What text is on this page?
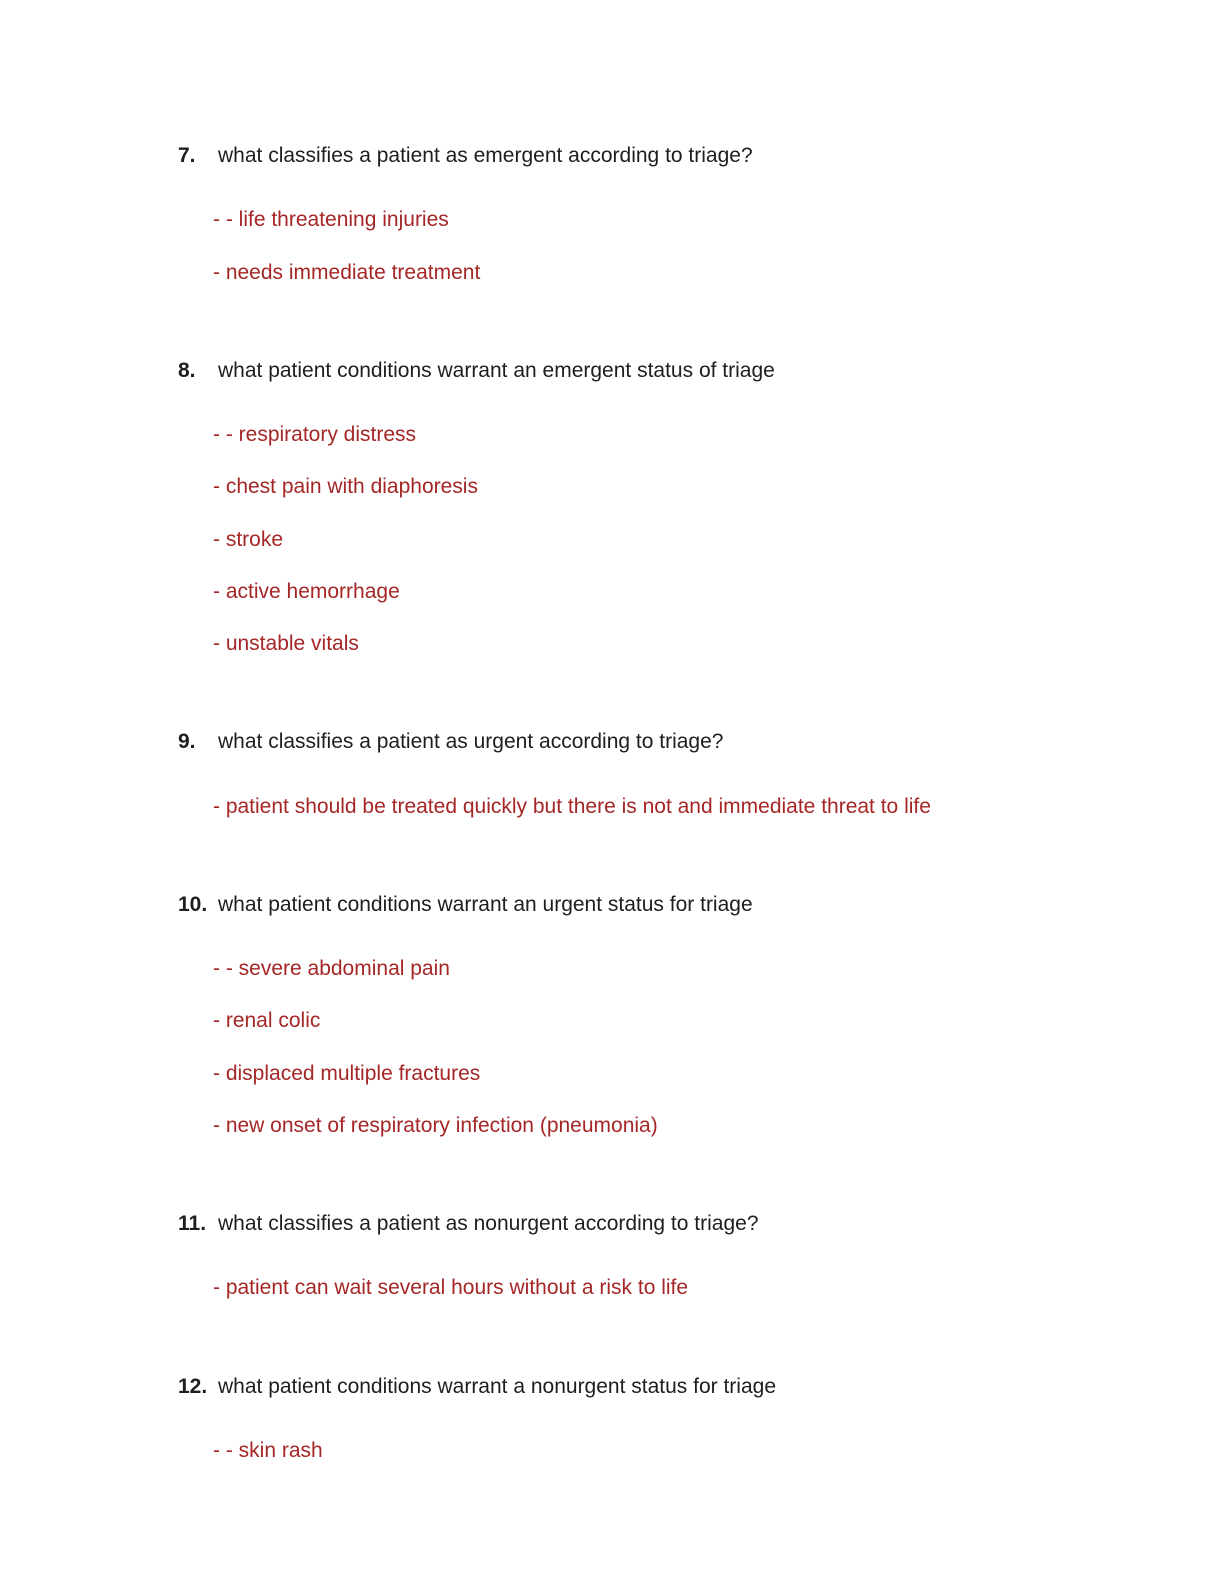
7.	what classifies a patient as emergent according to triage?
- - life threatening injuries
- needs immediate treatment
8.	what patient conditions warrant an emergent status of triage
- - respiratory distress
- chest pain with diaphoresis
- stroke
- active hemorrhage
- unstable vitals
9.	what classifies a patient as urgent according to triage?
- patient should be treated quickly but there is not and immediate threat to life
10. what patient conditions warrant an urgent status for triage
- - severe abdominal pain
- renal colic
- displaced multiple fractures
- new onset of respiratory infection (pneumonia)
11. what classifies a patient as nonurgent according to triage?
- patient can wait several hours without a risk to life
12. what patient conditions warrant a nonurgent status for triage
- - skin rash
